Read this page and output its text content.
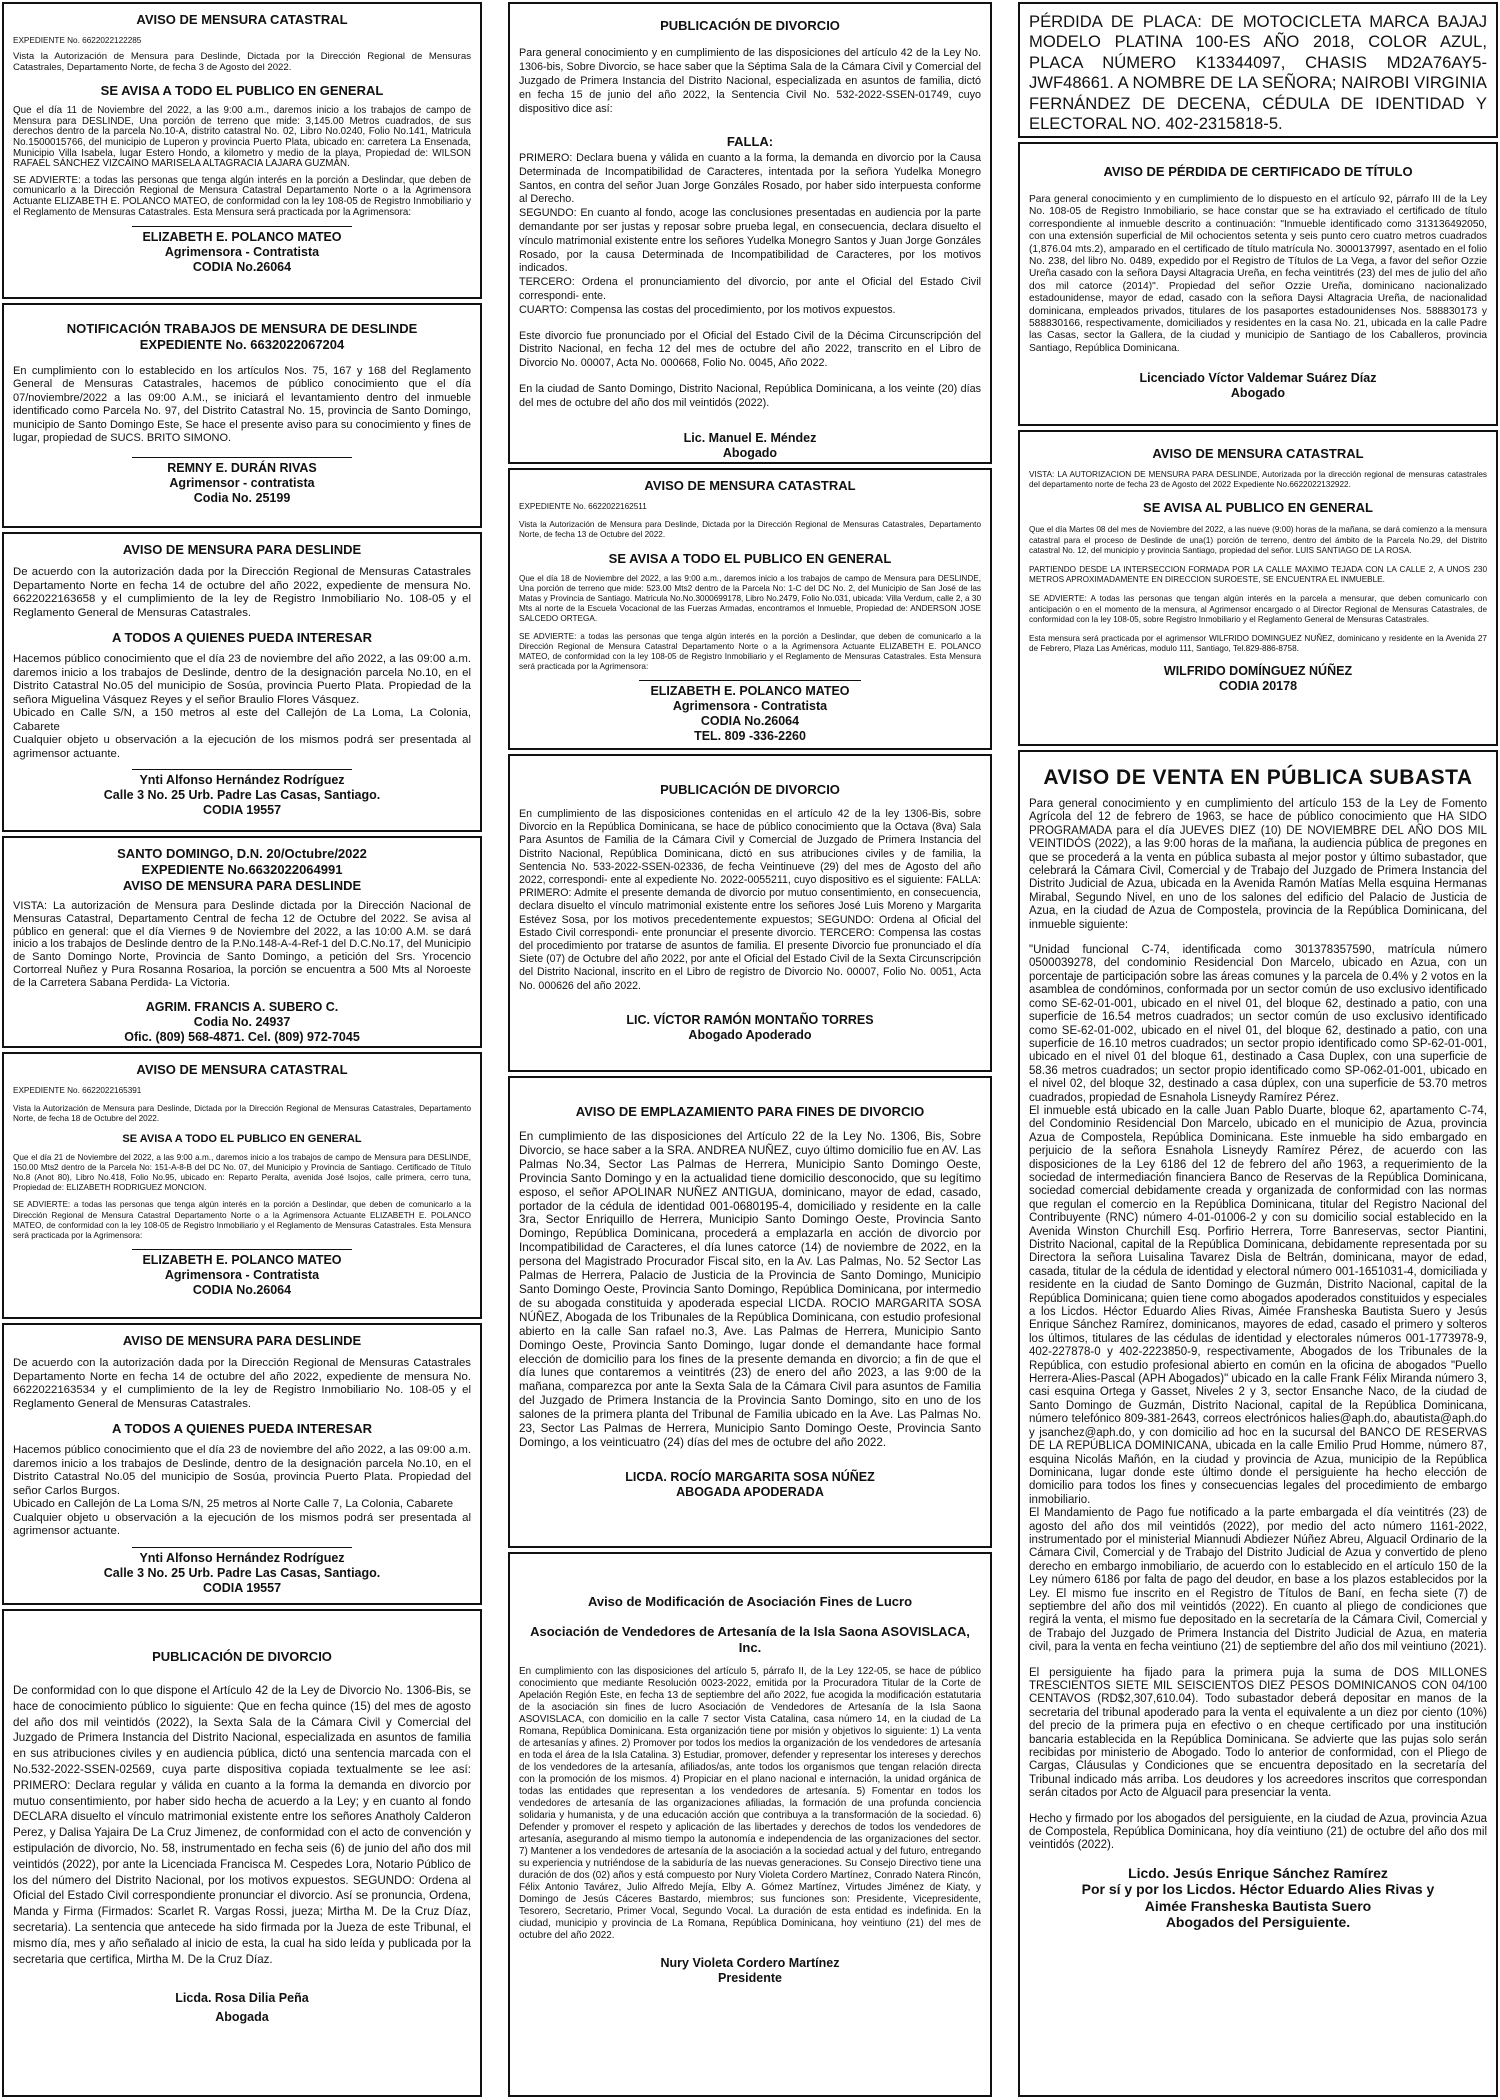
AVISO DE MENSURA CATASTRAL
EXPEDIENTE No. 6622022122285
Vista la Autorización de Mensura para Deslinde, Dictada por la Dirección Regional de Mensuras Catastrales, Departamento Norte, de fecha 3 de Agosto del 2022.
SE AVISA A TODO EL PUBLICO EN GENERAL
Que el día 11 de Noviembre del 2022, a las 9:00 a.m., daremos inicio a los trabajos de campo de Mensura para DESLINDE, Una porción de terreno que mide: 3,145.00 Metros cuadrados, de sus derechos dentro de la parcela No.10-A, distrito catastral No. 02, Libro No.0240, Folio No.141, Matricula No.1500015766, del municipio de Luperon y provincia Puerto Plata, ubicado en: carretera La Ensenada, Municipio Villa Isabela, lugar Estero Hondo, a kilometro y medio de la playa, Propiedad de: WILSON RAFAEL SÁNCHEZ VIZCAINO MARISELA ALTAGRACIA LAJARA GUZMÁN.
SE ADVIERTE: a todas las personas que tenga algún interés en la porción a Deslindar, que deben de comunicarlo a la Dirección Regional de Mensura Catastral Departamento Norte o a la Agrimensora Actuante ELIZABETH E. POLANCO MATEO, de conformidad con la ley 108-05 de Registro Inmobiliario y el Reglamento de Mensuras Catastrales. Esta Mensura será practicada por la Agrimensora:
ELIZABETH E. POLANCO MATEO
Agrimensora - Contratista
CODIA No.26064
NOTIFICACIÓN TRABAJOS DE MENSURA DE DESLINDE
EXPEDIENTE No. 6632022067204
En cumplimiento con lo establecido en los artículos Nos. 75, 167 y 168 del Reglamento General de Mensuras Catastrales, hacemos de público conocimiento que el día 07/noviembre/2022 a las 09:00 A.M., se iniciará el levantamiento dentro del inmueble identificado como Parcela No. 97, del Distrito Catastral No. 15, provincia de Santo Domingo, municipio de Santo Domingo Este, Se hace el presente aviso para su conocimiento y fines de lugar, propiedad de SUCS. BRITO SIMONO.
REMNY E. DURÁN RIVAS
Agrimensor - contratista
Codia No. 25199
AVISO DE MENSURA PARA DESLINDE
De acuerdo con la autorización dada por la Dirección Regional de Mensuras Catastrales Departamento Norte en fecha 14 de octubre del año 2022, expediente de mensura No. 6622022163658 y el cumplimiento de la ley de Registro Inmobiliario No. 108-05 y el Reglamento General de Mensuras Catastrales.
A TODOS A QUIENES PUEDA INTERESAR
Hacemos público conocimiento que el día 23 de noviembre del año 2022, a las 09:00 a.m. daremos inicio a los trabajos de Deslinde, dentro de la designación parcela No.10, en el Distrito Catastral No.05 del municipio de Sosúa, provincia Puerto Plata. Propiedad de la señora Miguelina Vásquez Reyes y el señor Braulio Flores Vásquez.
Ubicado en Calle S/N, a 150 metros al este del Callejón de La Loma, La Colonia, Cabarete
Cualquier objeto u observación a la ejecución de los mismos podrá ser presentada al agrimensor actuante.
Ynti Alfonso Hernández Rodríguez
Calle 3 No. 25 Urb. Padre Las Casas, Santiago.
CODIA 19557
SANTO DOMINGO, D.N. 20/Octubre/2022
EXPEDIENTE No.6632022064991
AVISO DE MENSURA PARA DESLINDE
VISTA: La autorización de Mensura para Deslinde dictada por la Dirección Nacional de Mensuras Catastral, Departamento Central de fecha 12 de Octubre del 2022. Se avisa al público en general: que el día Viernes 9 de Noviembre del 2022, a las 10:00 A.M. se dará inicio a los trabajos de Deslinde dentro de la P.No.148-A-4-Ref-1 del D.C.No.17, del Municipio de Santo Domingo Norte, Provincia de Santo Domingo, a petición del Srs. Yrocencio Cortorreal Nuñez y Pura Rosanna Rosarioa, la porción se encuentra a 500 Mts al Noroeste de la Carretera Sabana Perdida- La Victoria.
AGRIM. FRANCIS A. SUBERO C.
Codia No. 24937
Ofic. (809) 568-4871. Cel. (809) 972-7045
AVISO DE MENSURA CATASTRAL
EXPEDIENTE No. 6622022165391
Vista la Autorización de Mensura para Deslinde, Dictada por la Dirección Regional de Mensuras Catastrales, Departamento Norte, de fecha 18 de Octubre del 2022.
SE AVISA A TODO EL PUBLICO EN GENERAL
Que el día 21 de Noviembre del 2022, a las 9:00 a.m., daremos inicio a los trabajos de campo de Mensura para DESLINDE, 150.00 Mts2 dentro de la Parcela No: 151-A-8-B del DC No. 07, del Municipio y Provincia de Santiago. Certificado de Título No.8 (Anot 80), Libro No.418, Folio No.95, ubicado en: Reparto Peralta, avenida José Isojos, calle primera, cerro tuna, Propiedad de: ELIZABETH RODRIGUEZ MONCION.
SE ADVIERTE: a todas las personas que tenga algún interés en la porción a Deslindar, que deben de comunicarlo a la Dirección Regional de Mensura Catastral Departamento Norte o a la Agrimensora Actuante ELIZABETH E. POLANCO MATEO, de conformidad con la ley 108-05 de Registro Inmobiliario y el Reglamento de Mensuras Catastrales. Esta Mensura será practicada por la Agrimensora:
ELIZABETH E. POLANCO MATEO
Agrimensora - Contratista
CODIA No.26064
AVISO DE MENSURA PARA DESLINDE
De acuerdo con la autorización dada por la Dirección Regional de Mensuras Catastrales Departamento Norte en fecha 14 de octubre del año 2022, expediente de mensura No. 6622022163534 y el cumplimiento de la ley de Registro Inmobiliario No. 108-05 y el Reglamento General de Mensuras Catastrales.
A TODOS A QUIENES PUEDA INTERESAR
Hacemos público conocimiento que el día 23 de noviembre del año 2022, a las 09:00 a.m. daremos inicio a los trabajos de Deslinde, dentro de la designación parcela No.10, en el Distrito Catastral No.05 del municipio de Sosúa, provincia Puerto Plata. Propiedad del señor Carlos Burgos.
Ubicado en Callejón de La Loma S/N, 25 metros al Norte Calle 7, La Colonia, Cabarete
Cualquier objeto u observación a la ejecución de los mismos podrá ser presentada al agrimensor actuante.
Ynti Alfonso Hernández Rodríguez
Calle 3 No. 25 Urb. Padre Las Casas, Santiago.
CODIA 19557
PUBLICACIÓN DE DIVORCIO
De conformidad con lo que dispone el Artículo 42 de la Ley de Divorcio No. 1306-Bis, se hace de conocimiento público lo siguiente: Que en fecha quince (15) del mes de agosto del año dos mil veintidós (2022), la Sexta Sala de la Cámara Civil y Comercial del Juzgado de Primera Instancia del Distrito Nacional, especializada en asuntos de familia en sus atribuciones civiles y en audiencia pública, dictó una sentencia marcada con el No.532-2022-SSEN-02569, cuya parte dispositiva copiada textualmente se lee así: PRIMERO: Declara regular y válida en cuanto a la forma la demanda en divorcio por mutuo consentimiento, por haber sido hecha de acuerdo a la Ley; y en cuanto al fondo DECLARA disuelto el vínculo matrimonial existente entre los señores Anatholy Calderon Perez, y Dalisa Yajaira De La Cruz Jimenez, de conformidad con el acto de convención y estipulación de divorcio, No. 58, instrumentado en fecha seis (6) de junio del año dos mil veintidós (2022), por ante la Licenciada Francisca M. Cespedes Lora, Notario Público de los del número del Distrito Nacional, por los motivos expuestos. SEGUNDO: Ordena al Oficial del Estado Civil correspondiente pronunciar el divorcio. Así se pronuncia, Ordena, Manda y Firma (Firmados: Scarlet R. Vargas Rossi, jueza; Mirtha M. De la Cruz Díaz, secretaria). La sentencia que antecede ha sido firmada por la Jueza de este Tribunal, el mismo día, mes y año señalado al inicio de esta, la cual ha sido leída y publicada por la secretaria que certifica, Mirtha M. De la Cruz Díaz.
Licda. Rosa Dilia Peña
Abogada
PUBLICACIÓN DE DIVORCIO
Para general conocimiento y en cumplimiento de las disposiciones del artículo 42 de la Ley No. 1306-bis, Sobre Divorcio, se hace saber que la Séptima Sala de la Cámara Civil y Comercial del Juzgado de Primera Instancia del Distrito Nacional, especializada en asuntos de familia, dictó en fecha 15 de junio del año 2022, la Sentencia Civil No. 532-2022-SSEN-01749, cuyo dispositivo dice así:
FALLA:
PRIMERO: Declara buena y válida en cuanto a la forma, la demanda en divorcio por la Causa Determinada de Incompatibilidad de Caracteres, intentada por la señora Yudelka Monegro Santos, en contra del señor Juan Jorge Gonzáles Rosado, por haber sido interpuesta conforme al Derecho.
SEGUNDO: En cuanto al fondo, acoge las conclusiones presentadas en audiencia por la parte demandante por ser justas y reposar sobre prueba legal, en consecuencia, declara disuelto el vínculo matrimonial existente entre los señores Yudelka Monegro Santos y Juan Jorge Gonzáles Rosado, por la causa Determinada de Incompatibilidad de Caracteres, por los motivos indicados.
TERCERO: Ordena el pronunciamiento del divorcio, por ante el Oficial del Estado Civil correspondi- ente.
CUARTO: Compensa las costas del procedimiento, por los motivos expuestos.
Este divorcio fue pronunciado por el Oficial del Estado Civil de la Décima Circunscripción del Distrito Nacional, en fecha 12 del mes de octubre del año 2022, transcrito en el Libro de Divorcio No. 00007, Acta No. 000668, Folio No. 0045, Año 2022.
En la ciudad de Santo Domingo, Distrito Nacional, República Dominicana, a los veinte (20) días del mes de octubre del año dos mil veintidós (2022).
Lic. Manuel E. Méndez
Abogado
AVISO DE MENSURA CATASTRAL
EXPEDIENTE No. 6622022162511
Vista la Autorización de Mensura para Deslinde, Dictada por la Dirección Regional de Mensuras Catastrales, Departamento Norte, de fecha 13 de Octubre del 2022.
SE AVISA A TODO EL PUBLICO EN GENERAL
Que el día 18 de Noviembre del 2022, a las 9:00 a.m., daremos inicio a los trabajos de campo de Mensura para DESLINDE, Una porción de terreno que mide: 523.00 Mts2 dentro de la Parcela No: 1-C del DC No. 2, del Municipio de San José de las Matas y Provincia de Santiago. Matricula No.No.3000699178, Libro No.2479, Folio No.031, ubicada: Villa Verdum, calle 2, a 30 Mts al norte de la Escuela Vocacional de las Fuerzas Armadas, encontramos el Inmueble, Propiedad de: ANDERSON JOSE SALCEDO ORTEGA.
SE ADVIERTE: a todas las personas que tenga algún interés en la porción a Deslindar, que deben de comunicarlo a la Dirección Regional de Mensura Catastral Departamento Norte o a la Agrimensora Actuante ELIZABETH E. POLANCO MATEO, de conformidad con la ley 108-05 de Registro Inmobiliario y el Reglamento de Mensuras Catastrales. Esta Mensura será practicada por la Agrimensora:
ELIZABETH E. POLANCO MATEO
Agrimensora - Contratista
CODIA No.26064
TEL. 809 -336-2260
PUBLICACIÓN DE DIVORCIO
En cumplimiento de las disposiciones contenidas en el artículo 42 de la ley 1306-Bis, sobre Divorcio en la República Dominicana, se hace de público conocimiento que la Octava (8va) Sala Para Asuntos de Familia de la Cámara Civil y Comercial de Juzgado de Primera Instancia del Distrito Nacional, República Dominicana, dictó en sus atribuciones civiles y de familia, la Sentencia No. 533-2022-SSEN-02336, de fecha Veintinueve (29) del mes de Agosto del año 2022, correspondi- ente al expediente No. 2022-0055211, cuyo dispositivo es el siguiente: FALLA: PRIMERO: Admite el presente demanda de divorcio por mutuo consentimiento, en consecuencia, declara disuelto el vínculo matrimonial existente entre los señores José Luis Moreno y Margarita Estévez Sosa, por los motivos precedentemente expuestos; SEGUNDO: Ordena al Oficial del Estado Civil correspondi- ente pronunciar el presente divorcio. TERCERO: Compensa las costas del procedimiento por tratarse de asuntos de familia. El presente Divorcio fue pronunciado el día Siete (07) de Octubre del año 2022, por ante el Oficial del Estado Civil de la Sexta Circunscripción del Distrito Nacional, inscrito en el Libro de registro de Divorcio No. 00007, Folio No. 0051, Acta No. 000626 del año 2022.
LIC. VÍCTOR RAMÓN MONTAÑO TORRES
Abogado Apoderado
AVISO DE EMPLAZAMIENTO PARA FINES DE DIVORCIO
En cumplimiento de las disposiciones del Artículo 22 de la Ley No. 1306, Bis, Sobre Divorcio, se hace saber a la SRA. ANDREA NUÑEZ, cuyo último domicilio fue en AV. Las Palmas No.34, Sector Las Palmas de Herrera, Municipio Santo Domingo Oeste, Provincia Santo Domingo y en la actualidad tiene domicilio desconocido, que su legítimo esposo, el señor APOLINAR NUÑEZ ANTIGUA, dominicano, mayor de edad, casado, portador de la cédula de identidad 001-0680195-4, domiciliado y residente en la calle 3ra, Sector Enriquillo de Herrera, Municipio Santo Domingo Oeste, Provincia Santo Domingo, República Dominicana, procederá a emplazarla en acción de divorcio por Incompatibilidad de Caracteres, el día lunes catorce (14) de noviembre de 2022, en la persona del Magistrado Procurador Fiscal sito, en la Av. Las Palmas, No. 52 Sector Las Palmas de Herrera, Palacio de Justicia de la Provincia de Santo Domingo, Municipio Santo Domingo Oeste, Provincia Santo Domingo, República Dominicana, por intermedio de su abogada constituida y apoderada especial LICDA. ROCIO MARGARITA SOSA NÚÑEZ, Abogada de los Tribunales de la República Dominicana, con estudio profesional abierto en la calle San rafael no.3, Ave. Las Palmas de Herrera, Municipio Santo Domingo Oeste, Provincia Santo Domingo, lugar donde el demandante hace formal elección de domicilio para los fines de la presente demanda en divorcio; a fin de que el día lunes que contaremos a veintitrés (23) de enero del año 2023, a las 9:00 de la mañana, comparezca por ante la Sexta Sala de la Cámara Civil para asuntos de Familia del Juzgado de Primera Instancia de la Provincia Santo Domingo, sito en uno de los salones de la primera planta del Tribunal de Familia ubicado en la Ave. Las Palmas No. 23, Sector Las Palmas de Herrera, Municipio Santo Domingo Oeste, Provincia Santo Domingo, a los veinticuatro (24) días del mes de octubre del año 2022.
LICDA. ROCÍO MARGARITA SOSA NÚÑEZ
ABOGADA APODERADA
Aviso de Modificación de Asociación Fines de Lucro
Asociación de Vendedores de Artesanía de la Isla Saona ASOVISLACA, Inc.
En cumplimiento con las disposiciones del artículo 5, párrafo II, de la Ley 122-05, se hace de público conocimiento que mediante Resolución 0023-2022, emitida por la Procuradora Titular de la Corte de Apelación Región Este, en fecha 13 de septiembre del año 2022, fue acogida la modificación estatutaria de la asociación sin fines de lucro Asociación de Vendedores de Artesanía de la Isla Saona ASOVISLACA, con domicilio en la calle 7 sector Vista Catalina, casa número 14, en la ciudad de La Romana, República Dominicana. Esta organización tiene por misión y objetivos lo siguiente: 1) La venta de artesanías y afines. 2) Promover por todos los medios la organización de los vendedores de artesanía en toda el área de la Isla Catalina. 3) Estudiar, promover, defender y representar los intereses y derechos de los vendedores de la artesanía, afiliados/as, ante todos los organismos que tengan relación directa con la promoción de los mismos. 4) Propiciar en el plano nacional e internación, la unidad orgánica de todas las entidades que representan a los vendedores de artesanía. 5) Fomentar en todos los vendedores de artesanía de las organizaciones afiliadas, la formación de una profunda conciencia solidaria y humanista, y de una educación acción que contribuya a la transformación de la sociedad. 6) Defender y promover el respeto y aplicación de las libertades y derechos de todos los vendedores de artesanía, asegurando al mismo tiempo la autonomía e independencia de las organizaciones del sector. 7) Mantener a los vendedores de artesanía de la asociación a la sociedad actual y del futuro, entregando su experiencia y nutriéndose de la sabiduría de las nuevas generaciones. Su Consejo Directivo tiene una duración de dos (02) años y está compuesto por Nury Violeta Cordero Martínez, Conrado Natera Rincón, Félix Antonio Tavárez, Julio Alfredo Mejía, Elby A. Gómez Martínez, Virtudes Jiménez de Kiaty, y Domingo de Jesús Cáceres Bastardo, miembros; sus funciones son: Presidente, Vicepresidente, Tesorero, Secretario, Primer Vocal, Segundo Vocal. La duración de esta entidad es indefinida. En la ciudad, municipio y provincia de La Romana, República Dominicana, hoy veintiuno (21) del mes de octubre del año 2022.
Nury Violeta Cordero Martínez
Presidente
PÉRDIDA DE PLACA: DE MOTOCICLETA MARCA BAJAJ MODELO PLATINA 100-ES AÑO 2018, COLOR AZUL, PLACA NÚMERO K13344097, CHASIS MD2A76AY5-JWF48661. A NOMBRE DE LA SEÑORA; NAIROBI VIRGINIA FERNÁNDEZ DE DECENA, CÉDULA DE IDENTIDAD Y ELECTORAL NO. 402-2315818-5.
AVISO DE PÉRDIDA DE CERTIFICADO DE TÍTULO
Para general conocimiento y en cumplimiento de lo dispuesto en el artículo 92, párrafo III de la Ley No. 108-05 de Registro Inmobiliario, se hace constar que se ha extraviado el certificado de título correspondiente al inmueble descrito a continuación: "Inmueble identificado como 313136492050, con una extensión superficial de Mil ochocientos setenta y seis punto cero cuatro metros cuadrados (1,876.04 mts.2), amparado en el certificado de título matrícula No. 3000137997, asentado en el folio No. 238, del libro No. 0489, expedido por el Registro de Títulos de La Vega, a favor del señor Ozzie Ureña casado con la señora Daysi Altagracia Ureña, en fecha veintitrés (23) del mes de julio del año dos mil catorce (2014)". Propiedad del señor Ozzie Ureña, dominicano nacionalizado estadounidense, mayor de edad, casado con la señora Daysi Altagracia Ureña, de nacionalidad dominicana, empleados privados, titulares de los pasaportes estadounidenses Nos. 588830173 y 588830166, respectivamente, domiciliados y residentes en la casa No. 21, ubicada en la calle Padre las Casas, sector la Gallera, de la ciudad y municipio de Santiago de los Caballeros, provincia Santiago, República Dominicana.
Licenciado Víctor Valdemar Suárez Díaz
Abogado
AVISO DE MENSURA CATASTRAL
VISTA: LA AUTORIZACION DE MENSURA PARA DESLINDE, Autorizada por la dirección regional de mensuras catastrales del departamento norte de fecha 23 de Agosto del 2022 Expediente No.6622022132922.
SE AVISA AL PUBLICO EN GENERAL
Que el día Martes 08 del mes de Noviembre del 2022, a las nueve (9:00) horas de la mañana, se dará comienzo a la mensura catastral para el proceso de Deslinde de una(1) porción de terreno, dentro del ámbito de la Parcela No.29, del Distrito catastral No. 12, del municipio y provincia Santiago, propiedad del señor. LUIS SANTIAGO DE LA ROSA.
PARTIENDO DESDE LA INTERSECCION FORMADA POR LA CALLE MAXIMO TEJADA CON LA CALLE 2, A UNOS 230 METROS APROXIMADAMENTE EN DIRECCION SUROESTE, SE ENCUENTRA EL INMUEBLE.
SE ADVIERTE: A todas las personas que tengan algún interés en la parcela a mensurar, que deben comunicarlo con anticipación o en el momento de la mensura, al Agrimensor encargado o al Director Regional de Mensuras Catastrales, de conformidad con la ley 108-05, sobre Registro Inmobiliario y el Reglamento General de Mensuras Catastrales.
Esta mensura será practicada por el agrimensor WILFRIDO DOMINGUEZ NUÑEZ, dominicano y residente en la Avenida 27 de Febrero, Plaza Las Américas, modulo 111, Santiago, Tel.829-886-8758.
WILFRIDO DOMÍNGUEZ NÚÑEZ
CODIA 20178
AVISO DE VENTA EN PÚBLICA SUBASTA
Para general conocimiento y en cumplimiento del artículo 153 de la Ley de Fomento Agrícola del 12 de febrero de 1963, se hace de público conocimiento que HA SIDO PROGRAMADA para el día JUEVES DIEZ (10) DE NOVIEMBRE DEL AÑO DOS MIL VEINTIDÓS (2022), a las 9:00 horas de la mañana, la audiencia pública de pregones en que se procederá a la venta en pública subasta al mejor postor y último subastador, que celebrará la Cámara Civil, Comercial y de Trabajo del Juzgado de Primera Instancia del Distrito Judicial de Azua, ubicada en la Avenida Ramón Matías Mella esquina Hermanas Mirabal, Segundo Nivel, en uno de los salones del edificio del Palacio de Justicia de Azua, en la ciudad de Azua de Compostela, provincia de la República Dominicana, del inmueble siguiente:
"Unidad funcional C-74, identificada como 301378357590, matrícula número 0500039278, del condominio Residencial Don Marcelo, ubicado en Azua, con un porcentaje de participación sobre las áreas comunes y la parcela de 0.4% y 2 votos en la asamblea de condóminos, conformada por un sector común de uso exclusivo identificado como SE-62-01-001, ubicado en el nivel 01, del bloque 62, destinado a patio, con una superficie de 16.54 metros cuadrados; un sector común de uso exclusivo identificado como SE-62-01-002, ubicado en el nivel 01, del bloque 62, destinado a patio, con una superficie de 16.10 metros cuadrados; un sector propio identificado como SP-62-01-001, ubicado en el nivel 01 del bloque 61, destinado a Casa Duplex, con una superficie de 58.36 metros cuadrados; un sector propio identificado como SP-062-01-001, ubicado en el nivel 02, del bloque 32, destinado a casa dúplex, con una superficie de 53.70 metros cuadrados, propiedad de Esnahola Lisneydy Ramírez Pérez.
El inmueble está ubicado en la calle Juan Pablo Duarte, bloque 62, apartamento C-74, del Condominio Residencial Don Marcelo, ubicado en el municipio de Azua, provincia Azua de Compostela, República Dominicana. Este inmueble ha sido embargado en perjuicio de la señora Esnahola Lisneydy Ramírez Pérez, de acuerdo con las disposiciones de la Ley 6186 del 12 de febrero del año 1963, a requerimiento de la sociedad de intermediación financiera Banco de Reservas de la República Dominicana, sociedad comercial debidamente creada y organizada de conformidad con las normas que regulan el comercio en la República Dominicana, titular del Registro Nacional del Contribuyente (RNC) número 4-01-01006-2 y con su domicilio social establecido en la Avenida Winston Churchill Esq. Porfirio Herrera, Torre Banreservas, sector Piantini, Distrito Nacional, capital de la República Dominicana, debidamente representada por su Directora la señora Luisalina Tavarez Disla de Beltrán, dominicana, mayor de edad, casada, titular de la cédula de identidad y electoral número 001-1651031-4, domiciliada y residente en la ciudad de Santo Domingo de Guzmán, Distrito Nacional, capital de la República Dominicana; quien tiene como abogados apoderados constituidos y especiales a los Licdos. Héctor Eduardo Alies Rivas, Aimée Fransheska Bautista Suero y Jesús Enrique Sánchez Ramírez, dominicanos, mayores de edad, casado el primero y solteros los últimos, titulares de las cédulas de identidad y electorales números 001-1773978-9, 402-227878-0 y 402-2223850-9, respectivamente, Abogados de los Tribunales de la República, con estudio profesional abierto en común en la oficina de abogados "Puello Herrera-Alies-Pascal (APH Abogados)" ubicado en la calle Frank Félix Miranda número 3, casi esquina Ortega y Gasset, Niveles 2 y 3, sector Ensanche Naco, de la ciudad de Santo Domingo de Guzmán, Distrito Nacional, capital de la República Dominicana, número telefónico 809-381-2643, correos electrónicos halies@aph.do, abautista@aph.do y jsanchez@aph.do, y con domicilio ad hoc en la sucursal del BANCO DE RESERVAS DE LA REPÚBLICA DOMINICANA, ubicada en la calle Emilio Prud Homme, número 87, esquina Nicolás Mañón, en la ciudad y provincia de Azua, municipio de la República Dominicana, lugar donde este último donde el persiguiente ha hecho elección de domicilio para todos los fines y consecuencias legales del procedimiento de embargo inmobiliario.
El Mandamiento de Pago fue notificado a la parte embargada el día veintitrés (23) de agosto del año dos mil veintidós (2022), por medio del acto número 1161-2022, instrumentado por el ministerial Miannudi Abdiezer Núñez Abreu, Alguacil Ordinario de la Cámara Civil, Comercial y de Trabajo del Distrito Judicial de Azua y convertido de pleno derecho en embargo inmobiliario, de acuerdo con lo establecido en el artículo 150 de la Ley número 6186 por falta de pago del deudor, en base a los plazos establecidos por la Ley. El mismo fue inscrito en el Registro de Títulos de Baní, en fecha siete (7) de septiembre del año dos mil veintidós (2022). En cuanto al pliego de condiciones que regirá la venta, el mismo fue depositado en la secretaría de la Cámara Civil, Comercial y de Trabajo del Juzgado de Primera Instancia del Distrito Judicial de Azua, en materia civil, para la venta en fecha veintiuno (21) de septiembre del año dos mil veintiuno (2021).
El persiguiente ha fijado para la primera puja la suma de DOS MILLONES TRESCIENTOS SIETE MIL SEISCIENTOS DIEZ PESOS DOMINICANOS CON 04/100 CENTAVOS (RD$2,307,610.04). Todo subastador deberá depositar en manos de la secretaria del tribunal apoderado para la venta el equivalente a un diez por ciento (10%) del precio de la primera puja en efectivo o en cheque certificado por una institución bancaria establecida en la República Dominicana. Se advierte que las pujas solo serán recibidas por ministerio de Abogado. Todo lo anterior de conformidad, con el Pliego de Cargas, Cláusulas y Condiciones que se encuentra depositado en la secretaría del Tribunal indicado más arriba. Los deudores y los acreedores inscritos que correspondan serán citados por Acto de Alguacil para presenciar la venta.
Hecho y firmado por los abogados del persiguiente, en la ciudad de Azua, provincia Azua de Compostela, República Dominicana, hoy día veintiuno (21) de octubre del año dos mil veintidós (2022).
Licdo. Jesús Enrique Sánchez Ramírez
Por sí y por los Licdos. Héctor Eduardo Alies Rivas y
Aimée Fransheska Bautista Suero
Abogados del Persiguiente.
